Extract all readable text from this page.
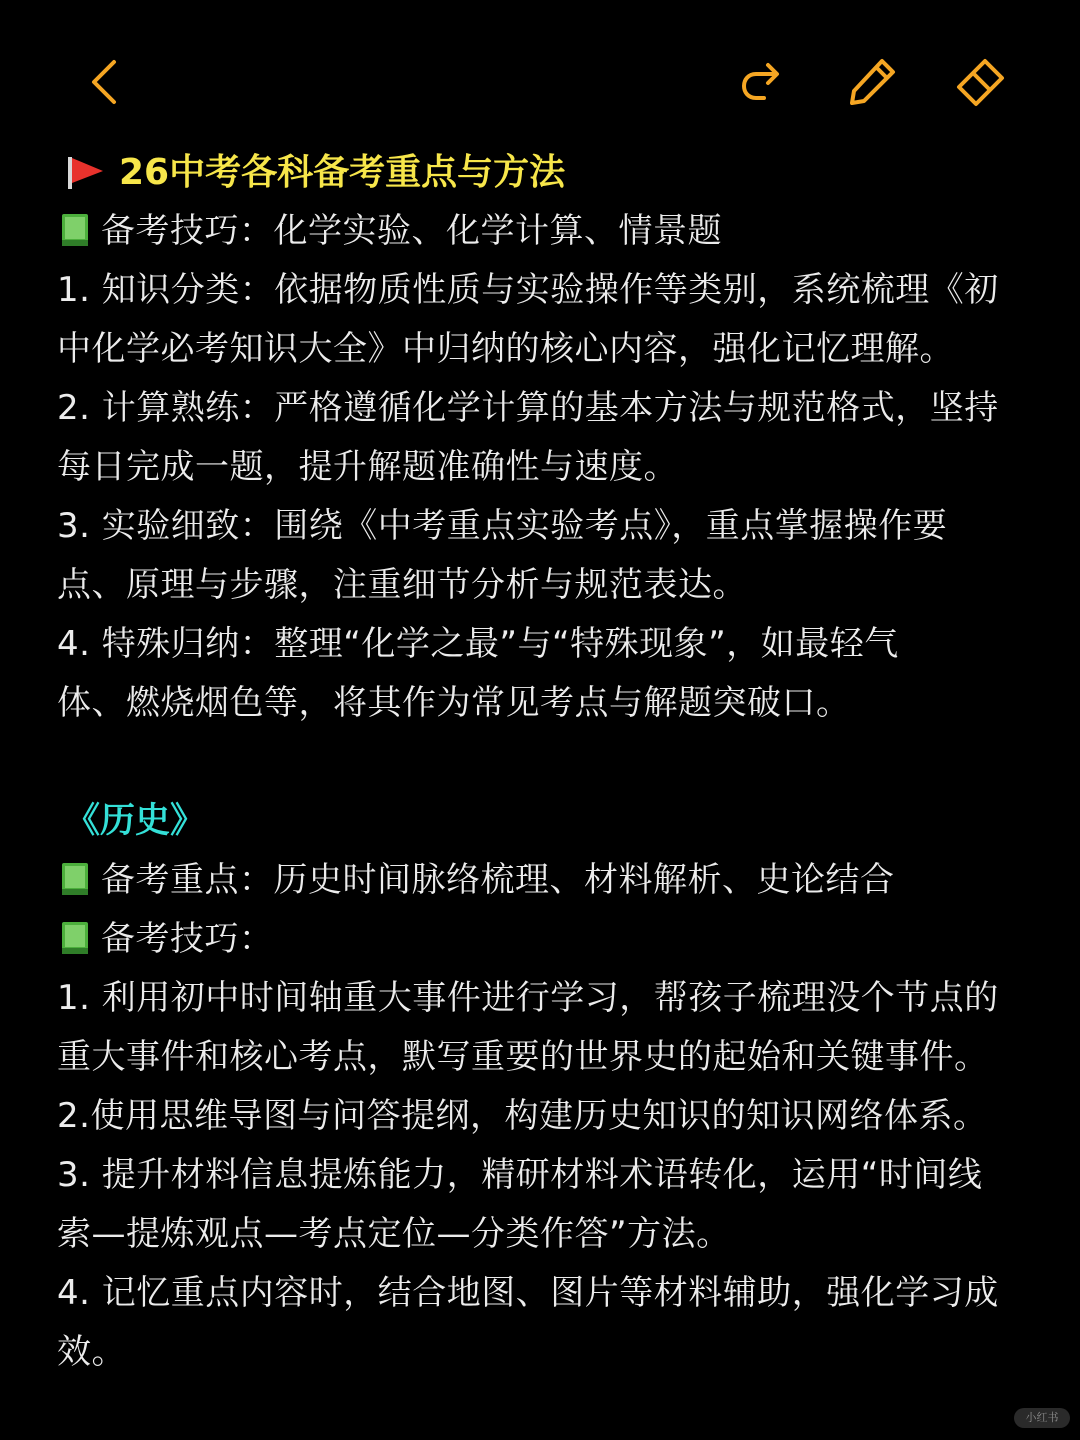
26中考各科备考重点与方法
备考技巧：化学实验、化学计算、情景题
1. 知识分类：依据物质性质与实验操作等类别，系统梳理《初
中化学必考知识大全》中归纳的核心内容，强化记忆理解。
2. 计算熟练：严格遵循化学计算的基本方法与规范格式，坚持
每日完成一题，提升解题准确性与速度。
3. 实验细致：围绕《中考重点实验考点》，重点掌握操作要
点、原理与步骤，注重细节分析与规范表达。
4. 特殊归纳：整理“化学之最”与“特殊现象”，如最轻气
体、燃烧烟色等，将其作为常见考点与解题突破口。
《历史》
备考重点：历史时间脉络梳理、材料解析、史论结合
备考技巧：
1. 利用初中时间轴重大事件进行学习，帮孩子梳理没个节点的
重大事件和核心考点，默写重要的世界史的起始和关键事件。
2.使用思维导图与问答提纲，构建历史知识的知识网络体系。
3. 提升材料信息提炼能力，精研材料术语转化，运用“时间线
索—提炼观点—考点定位—分类作答”方法。
4. 记忆重点内容时，结合地图、图片等材料辅助，强化学习成
效。
小红书
